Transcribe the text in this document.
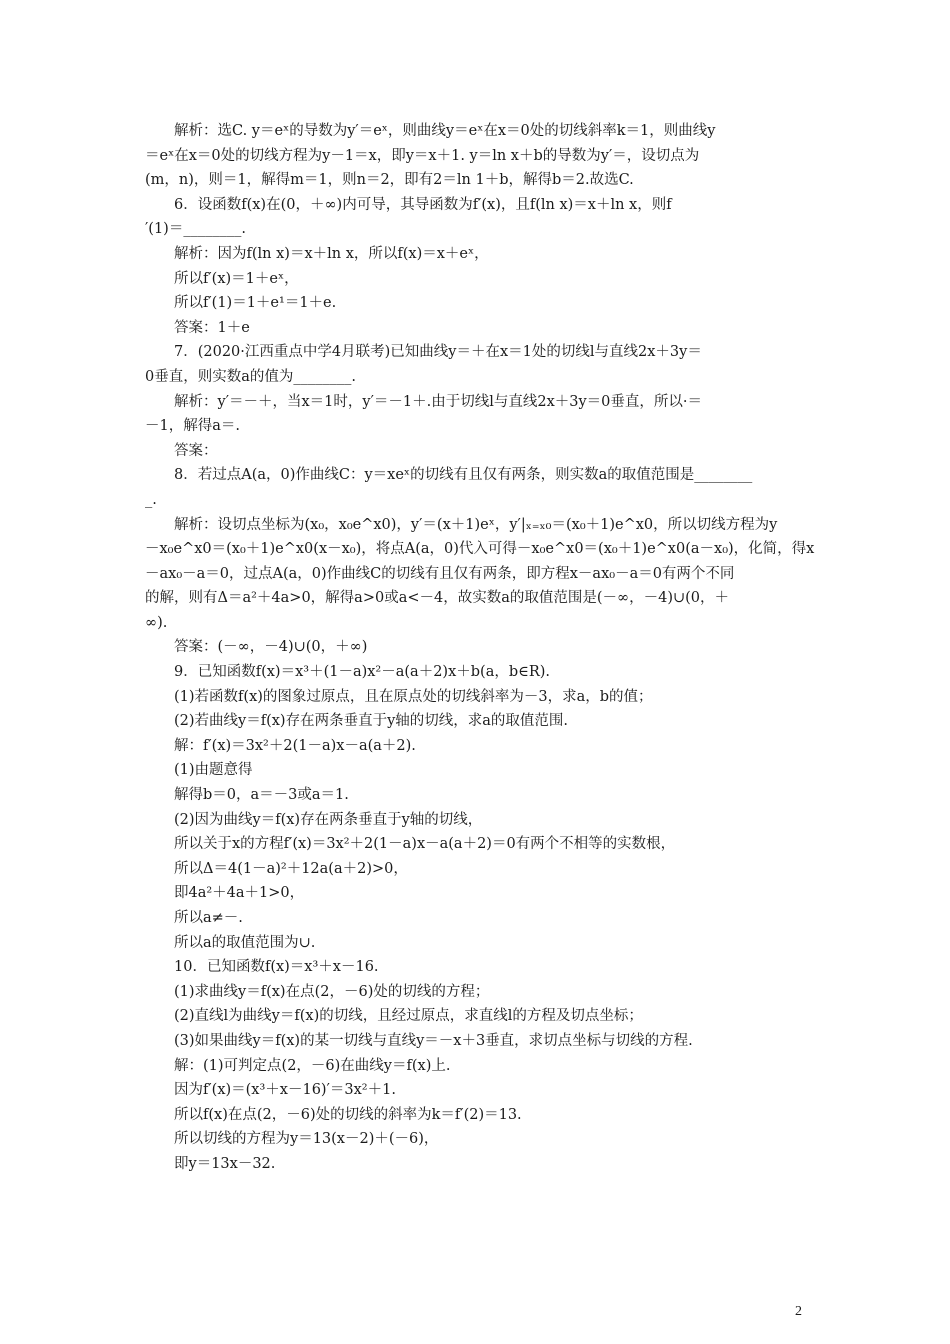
解析：选C. y＝eˣ的导数为y′＝eˣ，则曲线y＝eˣ在x＝0处的切线斜率k＝1，则曲线y
＝eˣ在x＝0处的切线方程为y－1＝x，即y＝x＋1. y＝ln x＋b的导数为y′＝，设切点为
(m，n)，则＝1，解得m＝1，则n＝2，即有2＝ln 1＋b，解得b＝2.故选C.
6．设函数f(x)在(0，＋∞)内可导，其导函数为f′(x)，且f(ln x)＝x＋ln x，则f
′(1)＝________.
解析：因为f(ln x)＝x＋ln x，所以f(x)＝x＋eˣ，
所以f′(x)＝1＋eˣ，
所以f′(1)＝1＋e¹＝1＋e.
答案：1＋e
7．(2020·江西重点中学4月联考)已知曲线y＝＋在x＝1处的切线l与直线2x＋3y＝
0垂直，则实数a的值为________.
解析：y′＝－＋，当x＝1时，y′＝－1＋.由于切线l与直线2x＋3y＝0垂直，所以·＝
－1，解得a＝.
答案：
8．若过点A(a，0)作曲线C：y＝xeˣ的切线有且仅有两条，则实数a的取值范围是________
_.
解析：设切点坐标为(x₀，x₀e^x0)，y′＝(x＋1)eˣ，y′|ₓ₌ₓ₀＝(x₀＋1)e^x0，所以切线方程为y
－x₀e^x0＝(x₀＋1)e^x0(x－x₀)，将点A(a，0)代入可得－x₀e^x0＝(x₀＋1)e^x0(a－x₀)，化简，得x
－ax₀－a＝0，过点A(a，0)作曲线C的切线有且仅有两条，即方程x－ax₀－a＝0有两个不同
的解，则有Δ＝a²＋4a>0，解得a>0或a<－4，故实数a的取值范围是(－∞，－4)∪(0，＋
∞).
答案：(－∞，－4)∪(0，＋∞)
9．已知函数f(x)＝x³＋(1－a)x²－a(a＋2)x＋b(a，b∈R).
(1)若函数f(x)的图象过原点，且在原点处的切线斜率为－3，求a，b的值；
(2)若曲线y＝f(x)存在两条垂直于y轴的切线，求a的取值范围.
解：f′(x)＝3x²＋2(1－a)x－a(a＋2).
(1)由题意得
解得b＝0，a＝－3或a＝1.
(2)因为曲线y＝f(x)存在两条垂直于y轴的切线，
所以关于x的方程f′(x)＝3x²＋2(1－a)x－a(a＋2)＝0有两个不相等的实数根，
所以Δ＝4(1－a)²＋12a(a＋2)>0，
即4a²＋4a＋1>0，
所以a≠－.
所以a的取值范围为∪.
10．已知函数f(x)＝x³＋x－16.
(1)求曲线y＝f(x)在点(2，－6)处的切线的方程；
(2)直线l为曲线y＝f(x)的切线，且经过原点，求直线l的方程及切点坐标；
(3)如果曲线y＝f(x)的某一切线与直线y＝－x＋3垂直，求切点坐标与切线的方程.
解：(1)可判定点(2，－6)在曲线y＝f(x)上.
因为f′(x)＝(x³＋x－16)′＝3x²＋1.
所以f(x)在点(2，－6)处的切线的斜率为k＝f′(2)＝13.
所以切线的方程为y＝13(x－2)＋(－6)，
即y＝13x－32.
2
